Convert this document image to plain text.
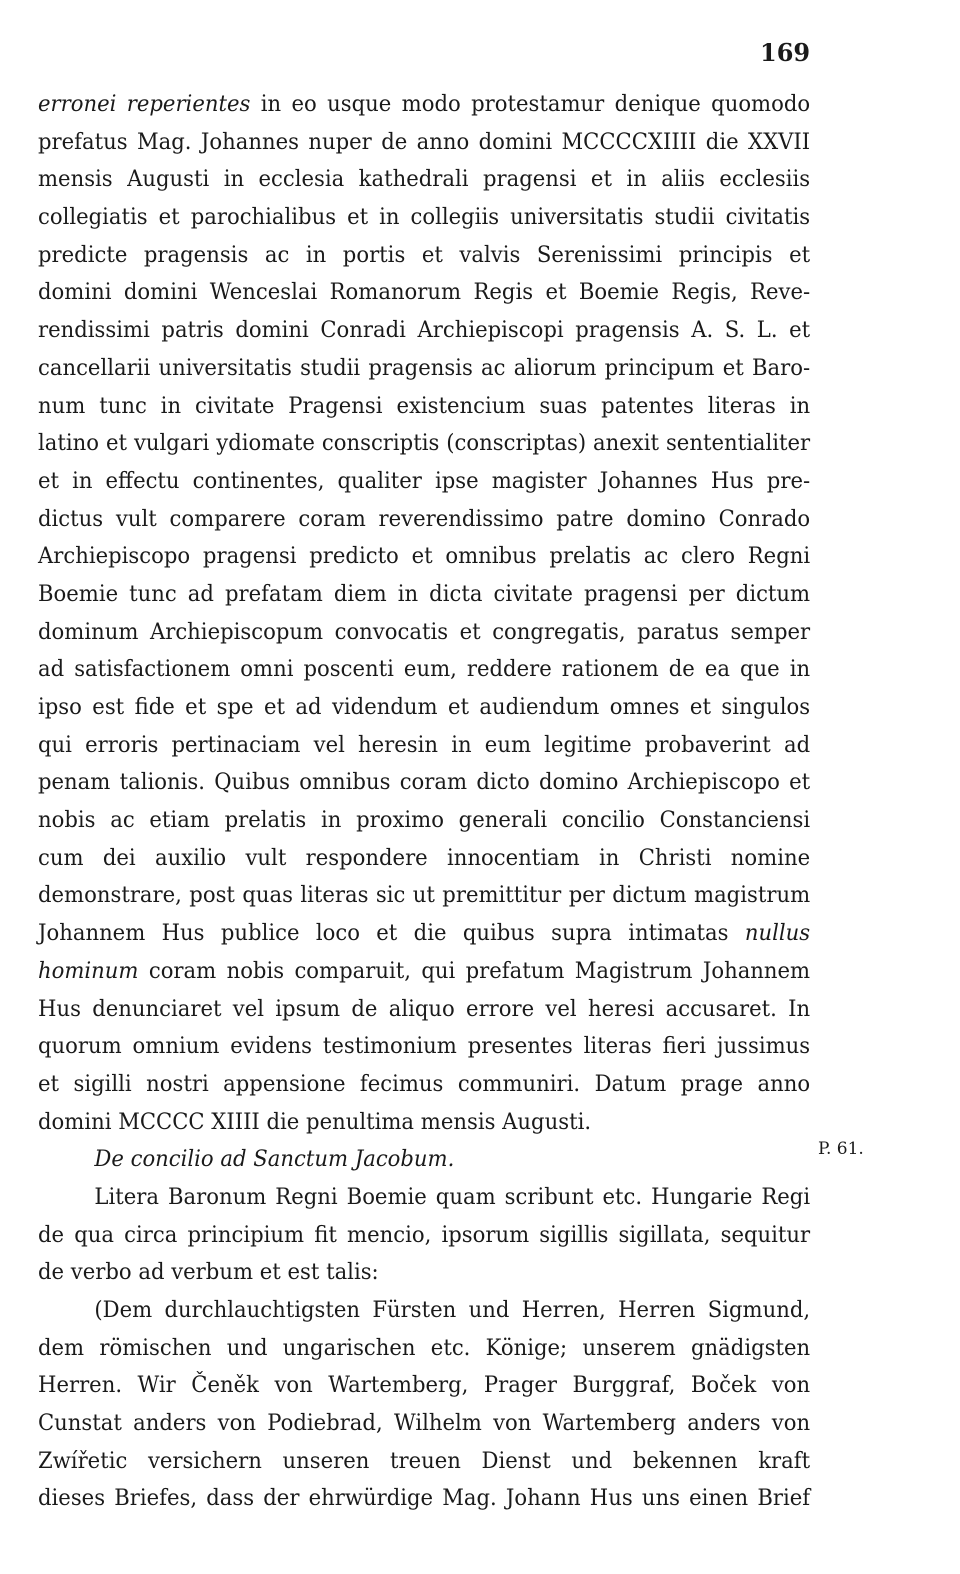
169
erronei reperientes in eo usque modo protestamur denique quomodo
prefatus Mag. Johannes nuper de anno domini MCCCCXIIII die XXVII
mensis Augusti in ecclesia kathedrali pragensi et in aliis ecclesiis
collegiatis et parochialibus et in collegiis universitatis studii civitatis
predicte pragensis ac in portis et valvis Serenissimi principis et
domini domini Wenceslai Romanorum Regis et Boemie Regis, Reve-
rendissimi patris domini Conradi Archiepiscopi pragensis A. S. L. et
cancellarii universitatis studii pragensis ac aliorum principum et Baro-
num tunc in civitate Pragensi existencium suas patentes literas in
latino et vulgari ydiomate conscriptis (conscriptas) anexit sententialiter
et in effectu continentes, qualiter ipse magister Johannes Hus pre-
dictus vult comparere coram reverendissimo patre domino Conrado
Archiepiscopo pragensi predicto et omnibus prelatis ac clero Regni
Boemie tunc ad prefatam diem in dicta civitate pragensi per dictum
dominum Archiepiscopum convocatis et congregatis, paratus semper
ad satisfactionem omni poscenti eum, reddere rationem de ea que in
ipso est fide et spe et ad videndum et audiendum omnes et singulos
qui erroris pertinaciam vel heresin in eum legitime probaverint ad
penam talionis. Quibus omnibus coram dicto domino Archiepiscopo et
nobis ac etiam prelatis in proximo generali concilio Constanciensi
cum dei auxilio vult respondere innocentiam in Christi nomine
demonstrare, post quas literas sic ut premittitur per dictum magistrum
Johannem Hus publice loco et die quibus supra intimatas nullus
hominum coram nobis comparuit, qui prefatum Magistrum Johannem
Hus denunciaret vel ipsum de aliquo errore vel heresi accusaret. In
quorum omnium evidens testimonium presentes literas fieri jussimus
et sigilli nostri appensione fecimus communiri. Datum prage anno
domini MCCCC XIIII die penultima mensis Augusti.
De concilio ad Sanctum Jacobum.
Litera Baronum Regni Boemie quam scribunt etc. Hungarie Regi
de qua circa principium fit mencio, ipsorum sigillis sigillata, sequitur
de verbo ad verbum et est talis:
(Dem durchlauchtigsten Fürsten und Herren, Herren Sigmund,
dem römischen und ungarischen etc. Könige; unserem gnädigsten
Herren. Wir Čeněk von Wartemberg, Prager Burggraf, Boček von
Cunstat anders von Podiebrad, Wilhelm von Wartemberg anders von
Zwířetic versichern unseren treuen Dienst und bekennen kraft
dieses Briefes, dass der ehrwürdige Mag. Johann Hus uns einen Brief
P. 61.
